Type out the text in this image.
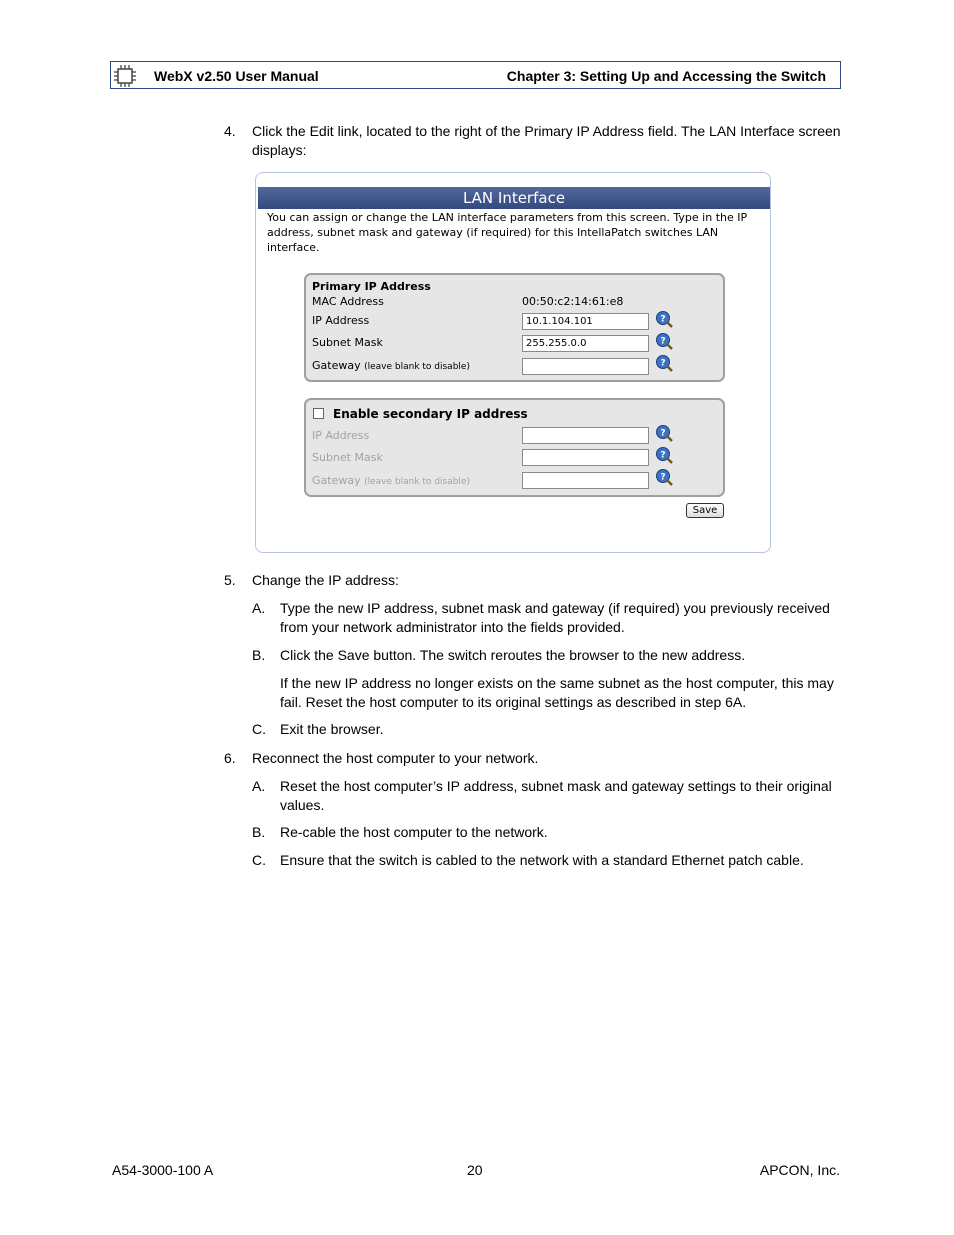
WebX v2.50 User Manual	Chapter 3: Setting Up and Accessing the Switch
4. Click the Edit link, located to the right of the Primary IP Address field. The LAN Interface screen displays:
LAN Interface
You can assign or change the LAN interface parameters from this screen. Type in the IP address, subnet mask and gateway (if required) for this IntellaPatch switches LAN interface.
Primary IP Address
MAC Address	00:50:c2:14:61:e8
IP Address	10.1.104.101	?
Subnet Mask	255.255.0.0	?
Gateway (leave blank to disable)	?
Enable secondary IP address
IP Address	?
Subnet Mask	?
Gateway (leave blank to disable)	?
Save
5. Change the IP address:
A. Type the new IP address, subnet mask and gateway (if required) you previously received from your network administrator into the fields provided.
B. Click the Save button. The switch reroutes the browser to the new address.
If the new IP address no longer exists on the same subnet as the host computer, this may fail. Reset the host computer to its original settings as described in step 6A.
C. Exit the browser.
6. Reconnect the host computer to your network.
A. Reset the host computer’s IP address, subnet mask and gateway settings to their original values.
B. Re-cable the host computer to the network.
C. Ensure that the switch is cabled to the network with a standard Ethernet patch cable.
A54-3000-100 A	20	APCON, Inc.
